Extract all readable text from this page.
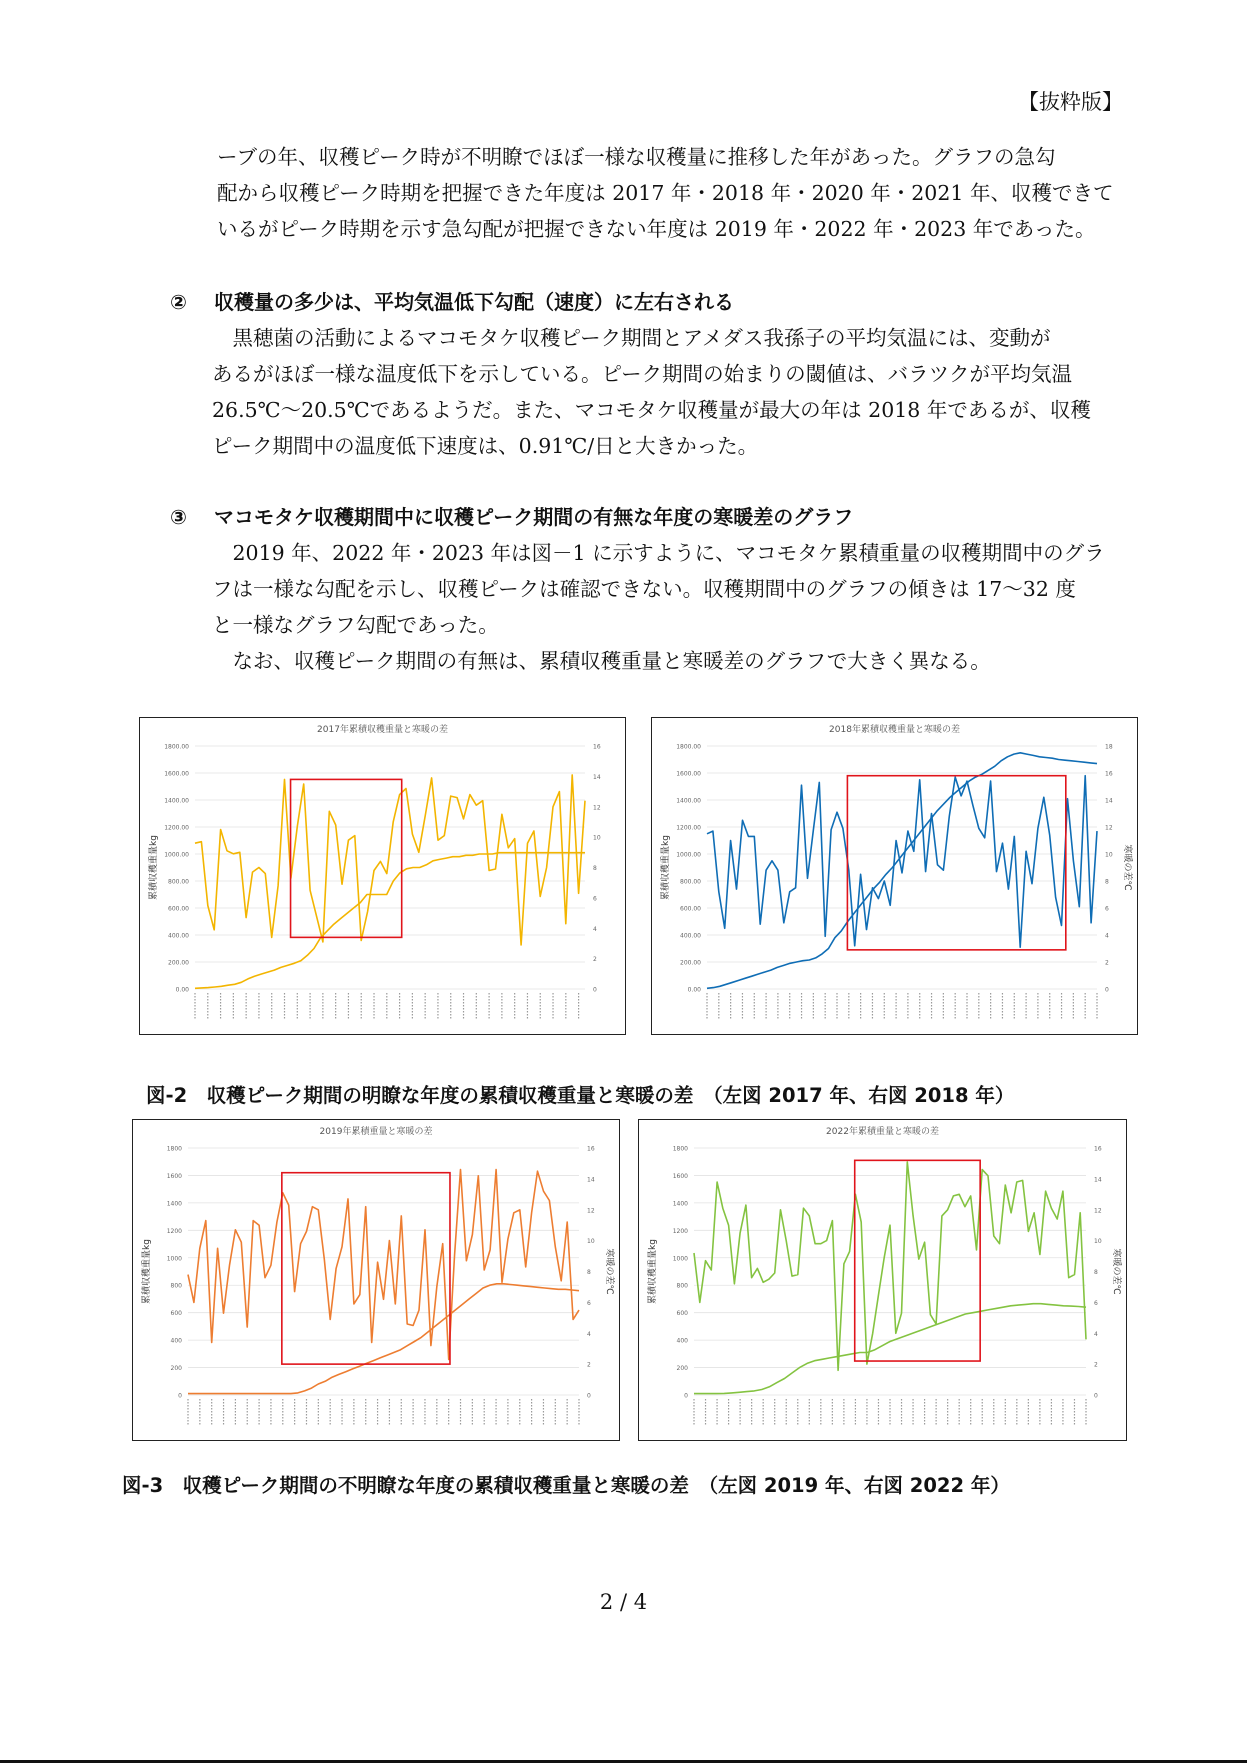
【抜粋版】

ーブの年、収穫ピーク時が不明瞭でほぼ一様な収穫量に推移した年があった。グラフの急勾

配から収穫ピーク時期を把握できた年度は 2017 年・2018 年・2020 年・2021 年、収穫できて

いるがピーク時期を示す急勾配が把握できない年度は 2019 年・2022 年・2023 年であった。

② 収穫量の多少は、平均気温低下勾配（速度）に左右される

　黒穂菌の活動によるマコモタケ収穫ピーク期間とアメダス我孫子の平均気温には、変動が

あるがほぼ一様な温度低下を示している。ピーク期間の始まりの閾値は、バラツクが平均気温

26.5℃～20.5℃であるようだ。また、マコモタケ収穫量が最大の年は 2018 年であるが、収穫

ピーク期間中の温度低下速度は、0.91℃/日と大きかった。

③ マコモタケ収穫期間中に収穫ピーク期間の有無な年度の寒暖差のグラフ

　2019 年、2022 年・2023 年は図－1 に示すように、マコモタケ累積重量の収穫期間中のグラ

フは一様な勾配を示し、収穫ピークは確認できない。収穫期間中のグラフの傾きは 17～32 度

と一様なグラフ勾配であった。

　なお、収穫ピーク期間の有無は、累積収穫重量と寒暖差のグラフで大きく異なる。

2017年累積収穫重量と寒暖の差
0.00
200.00
400.00
600.00
800.00
1000.00
1200.00
1400.00
1600.00
1800.00
0
2
4
6
8
10
12
14
16
累積収穫重量kg
2018年累積収穫重量と寒暖の差
0.00
200.00
400.00
600.00
800.00
1000.00
1200.00
1400.00
1600.00
1800.00
0
2
4
6
8
10
12
14
16
18
累積収穫重量kg	寒暖の差℃
図-2　収穫ピーク期間の明瞭な年度の累積収穫重量と寒暖の差　（左図 2017 年、右図 2018 年）
2019年累積重量と寒暖の差
0
200
400
600
800
1000
1200
1400
1600
1800
0
2
4
6
8
10
12
14
16
累積収穫重量kg	寒暖の差℃
2022年累積重量と寒暖の差
0
200
400
600
800
1000
1200
1400
1600
1800
0
2
4
6
8
10
12
14
16
累積収穫重量kg	寒暖の差℃
図-3　収穫ピーク期間の不明瞭な年度の累積収穫重量と寒暖の差　（左図 2019 年、右図 2022 年）
2 / 4
